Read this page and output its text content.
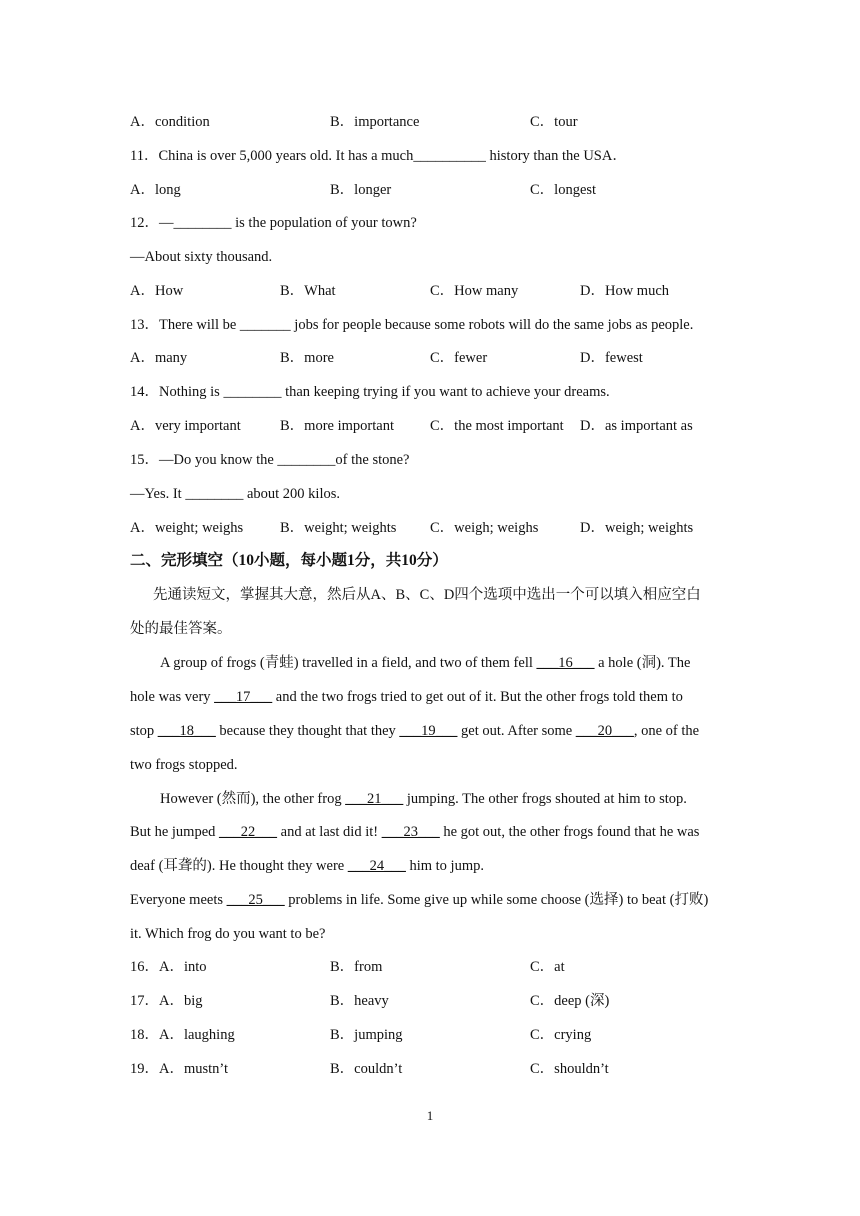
A．condition	B．importance	C．tour
11．China is over 5,000 years old. It has a much__________ history than the USA．
A．long	B．longer	C．longest
12．—________ is the population of your town?
—About sixty thousand.
A．How	B．What	C．How many	D．How much
13．There will be _______ jobs for people because some robots will do the same jobs as people.
A．many	B．more	C．fewer	D．fewest
14．Nothing is ________ than keeping trying if you want to achieve your dreams.
A．very important	B．more important C．the most important D．as important as
15．—Do you know the ________of the stone?
—Yes. It ________ about 200 kilos.
A．weight; weighs	B．weight; weights C．weigh; weighs	D．weigh; weights
二、完形填空（10小题，每小题1分，共10分）
先通读短文，掌握其大意，然后从A、B、C、D四个选项中选出一个可以填入相应空白
处的最佳答案。
A group of frogs (青蛙) travelled in a field, and two of them fell ___16___ a hole (洞). The
hole was very ___17___ and the two frogs tried to get out of it. But the other frogs told them to
stop ___18___ because they thought that they ___19___ get out. After some ___20___, one of the
two frogs stopped.
However (然而), the other frog ___21___ jumping. The other frogs shouted at him to stop.
But he jumped ___22___ and at last did it! ___23___ he got out, the other frogs found that he was
deaf (耳聋的). He thought they were ___24___ him to jump.
Everyone meets ___25___ problems in life. Some give up while some choose (选择) to beat (打败)
it. Which frog do you want to be?
16．A．into	B．from	C．at
17．A．big	B．heavy	C．deep (深)
18．A．laughing	B．jumping	C．crying
19．A．mustn’t	B．couldn’t	C．shouldn’t
1
